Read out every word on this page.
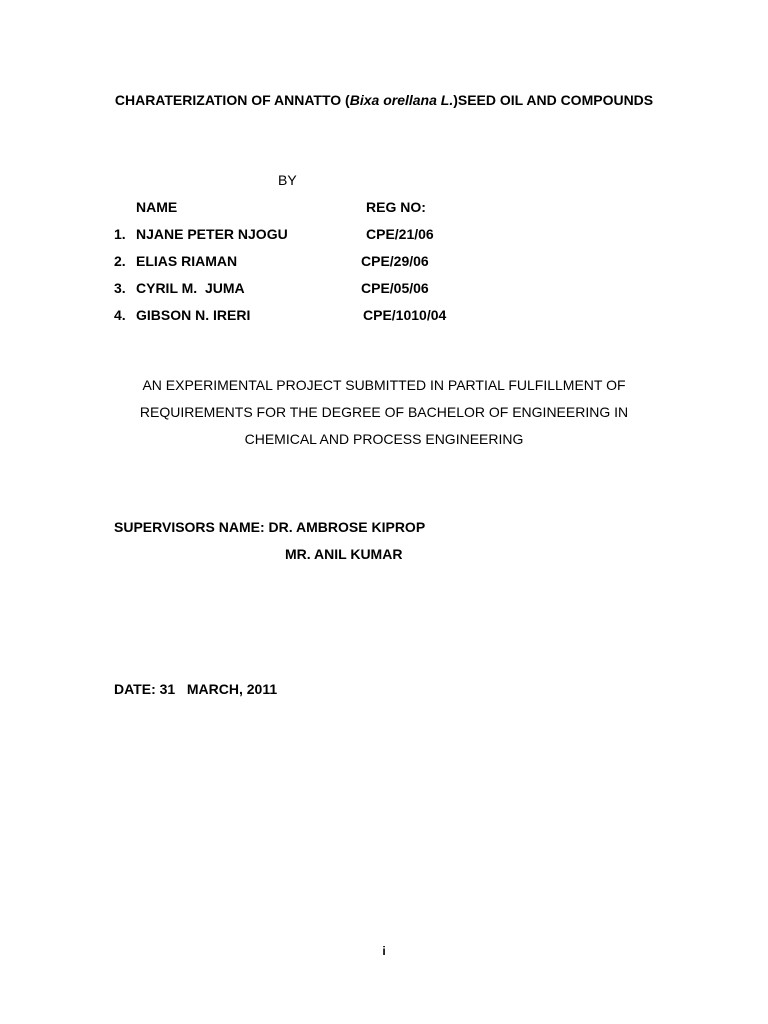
CHARATERIZATION OF ANNATTO (Bixa orellana L.)SEED OIL AND COMPOUNDS
BY
NAME	REG NO:
1. NJANE PETER NJOGU	CPE/21/06
2. ELIAS RIAMAN	CPE/29/06
3. CYRIL M.  JUMA	CPE/05/06
4. GIBSON N. IRERI	CPE/1010/04
AN EXPERIMENTAL PROJECT SUBMITTED IN PARTIAL FULFILLMENT OF
REQUIREMENTS FOR THE DEGREE OF BACHELOR OF ENGINEERING IN
CHEMICAL AND PROCESS ENGINEERING
SUPERVISORS NAME: DR. AMBROSE KIPROP
MR. ANIL KUMAR
DATE: 31   MARCH, 2011
i
